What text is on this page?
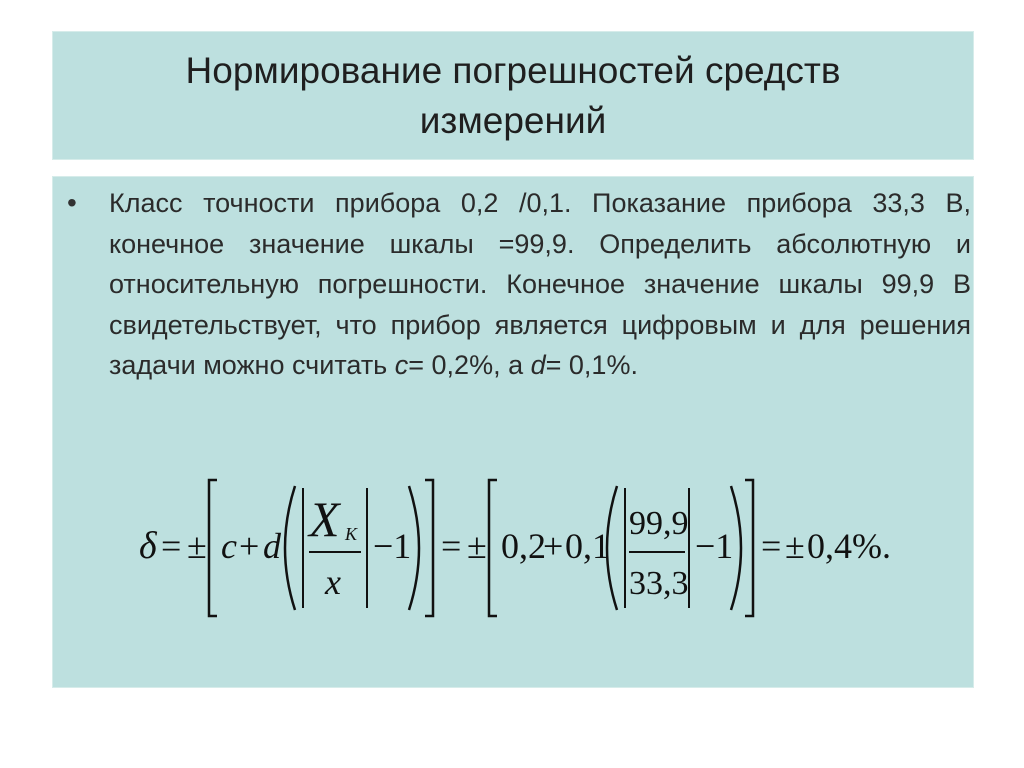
Нормирование погрешностей средств измерений

• Класс точности прибора 0,2 /0,1. Показание прибора 33,3 В, конечное значение шкалы =99,9. Определить абсолютную и относительную погрешности. Конечное значение шкалы 99,9 В свидетельствует, что прибор является цифровым и для решения задачи можно считать c= 0,2%, а d= 0,1%.

δ = ± c + d X K
x
−1 = ± 0,2
+ 0,1
99,9
33,3
−1 = ± 0,4%.
